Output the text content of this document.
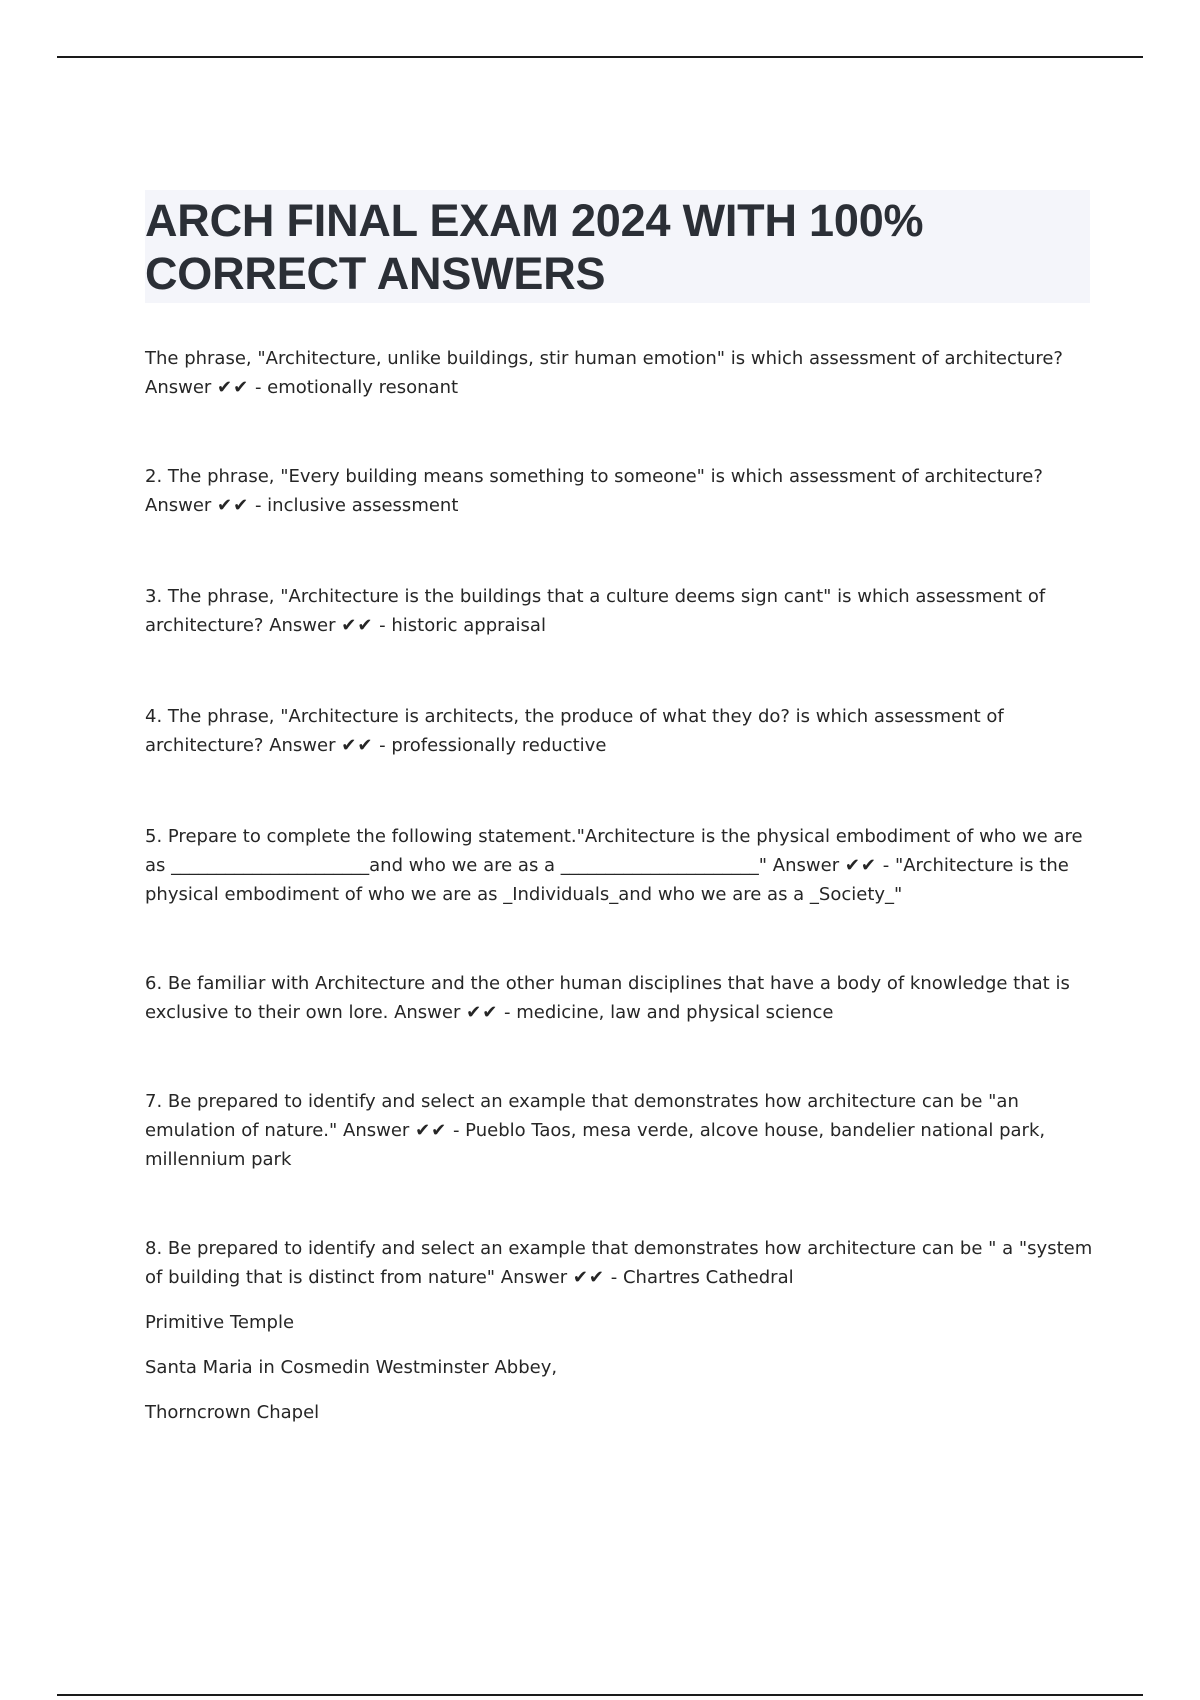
ARCH FINAL EXAM 2024 WITH 100%
CORRECT ANSWERS

The phrase, "Architecture, unlike buildings, stir human emotion" is which assessment of architecture? Answer ✔✔ - emotionally resonant

2. The phrase, "Every building means something to someone" is which assessment of architecture? Answer ✔✔ - inclusive assessment

3. The phrase, "Architecture is the buildings that a culture deems sign cant" is which assessment of architecture? Answer ✔✔ - historic appraisal

4. The phrase, "Architecture is architects, the produce of what they do? is which assessment of architecture? Answer ✔✔ - professionally reductive

5. Prepare to complete the following statement."Architecture is the physical embodiment of who we are as ______________________and who we are as a ______________________" Answer ✔✔ - "Architecture is the physical embodiment of who we are as _Individuals_and who we are as a _Society_"

6. Be familiar with Architecture and the other human disciplines that have a body of knowledge that is exclusive to their own lore. Answer ✔✔ - medicine, law and physical science

7. Be prepared to identify and select an example that demonstrates how architecture can be "an emulation of nature." Answer ✔✔ - Pueblo Taos, mesa verde, alcove house, bandelier national park, millennium park

8. Be prepared to identify and select an example that demonstrates how architecture can be " a "system of building that is distinct from nature" Answer ✔✔ - Chartres Cathedral

Primitive Temple

Santa Maria in Cosmedin Westminster Abbey,

Thorncrown Chapel
